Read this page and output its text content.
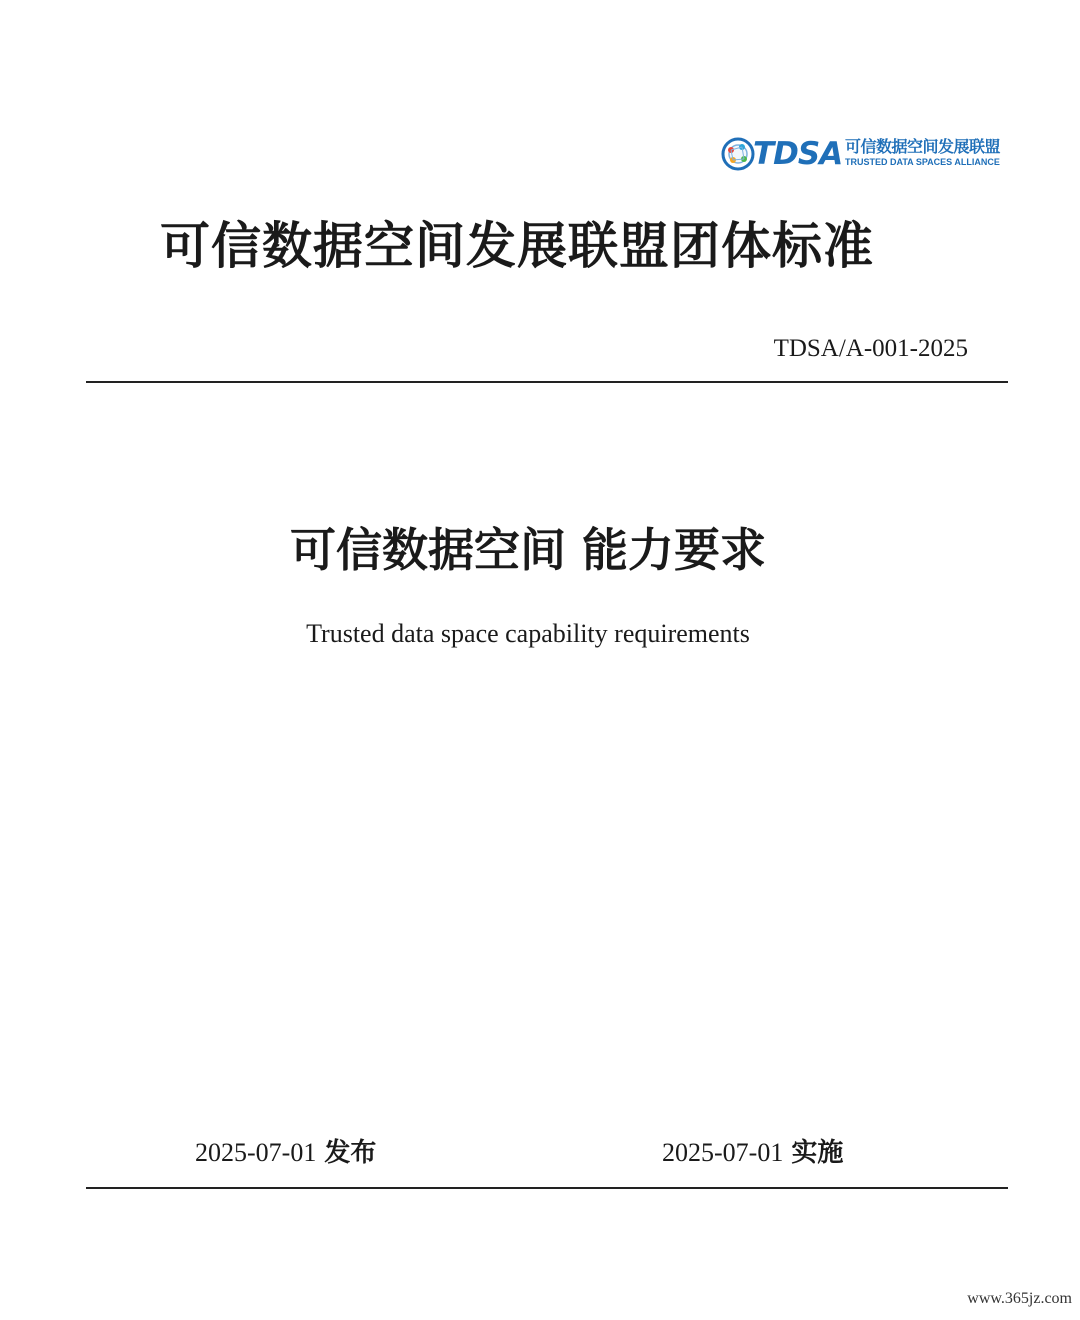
TDSA 可信数据空间发展联盟
TRUSTED DATA SPACES ALLIANCE
可信数据空间发展联盟团体标准
TDSA/A-001-2025
可信数据空间 能力要求
Trusted data space capability requirements
2025-07-01 发布	2025-07-01 实施
www.365jz.com
